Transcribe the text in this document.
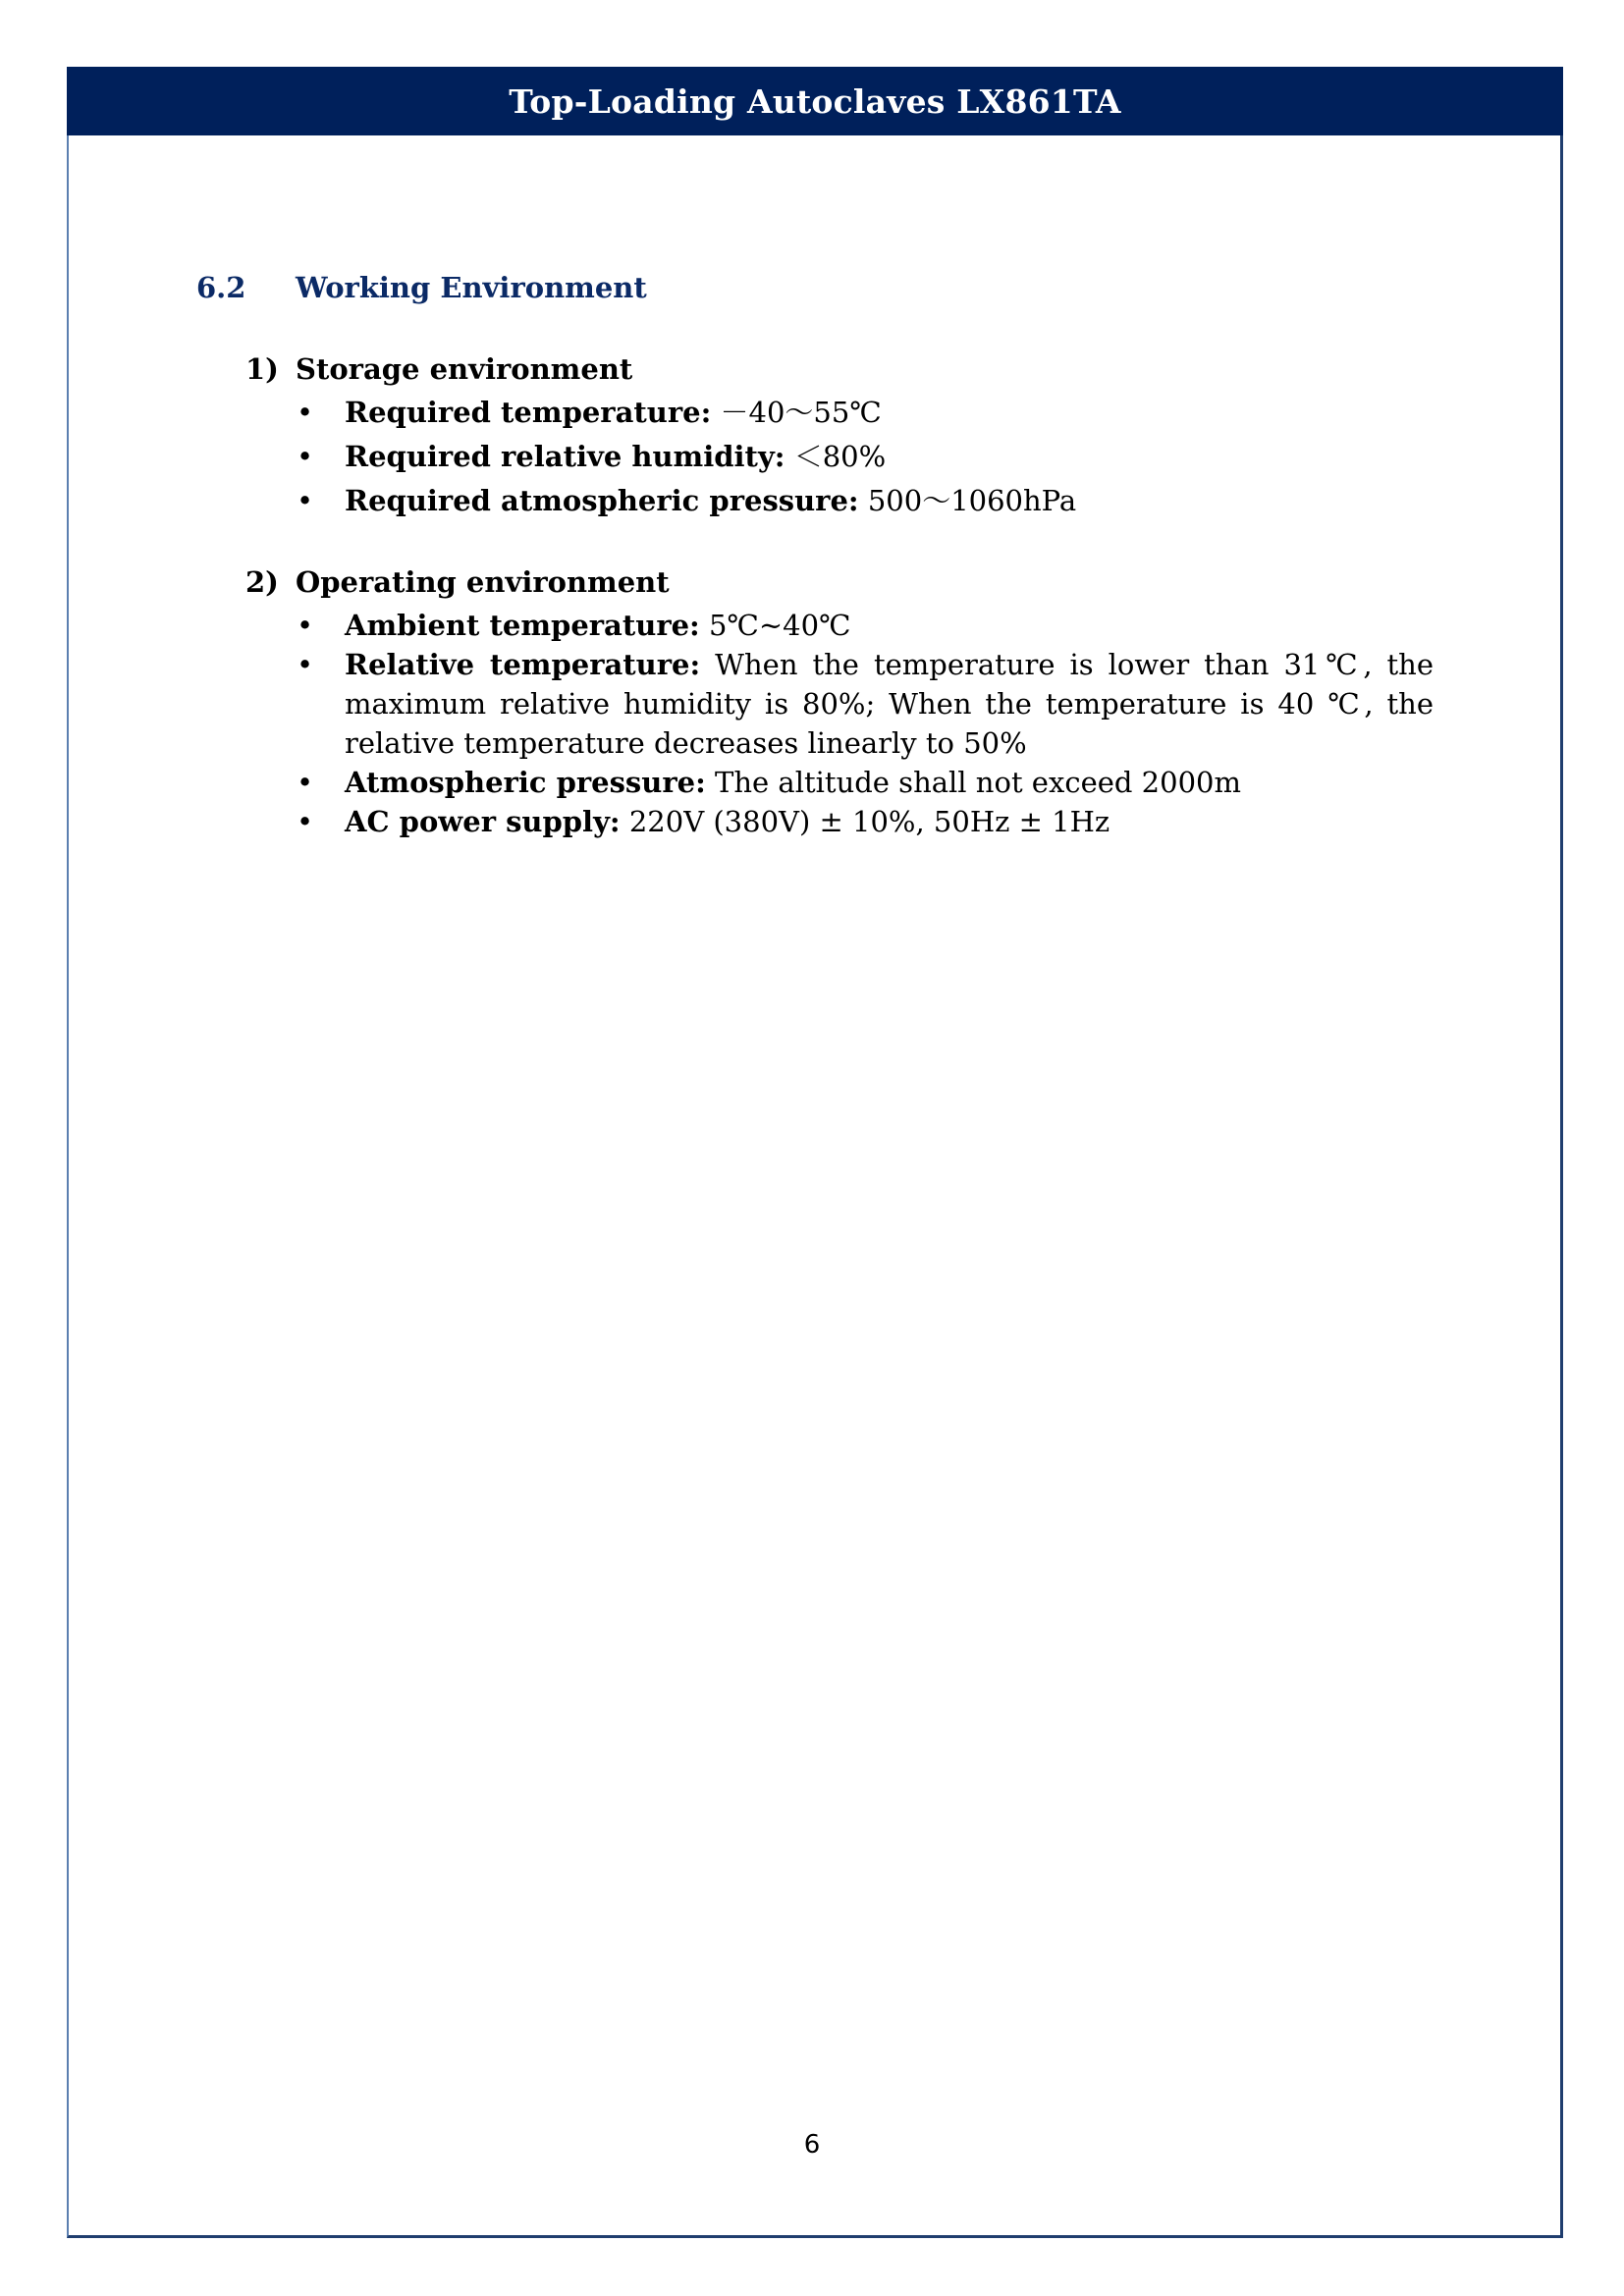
Top-Loading Autoclaves LX861TA
6.2	Working Environment
1) Storage environment
• Required temperature: －40～55℃
• Required relative humidity: ＜80%
• Required atmospheric pressure: 500～1060hPa
2) Operating environment
• Ambient temperature: 5℃~40℃
• Relative temperature: When the temperature is lower than 31℃, the maximum relative humidity is 80%; When the temperature is 40 ℃, the relative temperature decreases linearly to 50%
• Atmospheric pressure: The altitude shall not exceed 2000m
• AC power supply: 220V (380V) ± 10%, 50Hz ± 1Hz
6
